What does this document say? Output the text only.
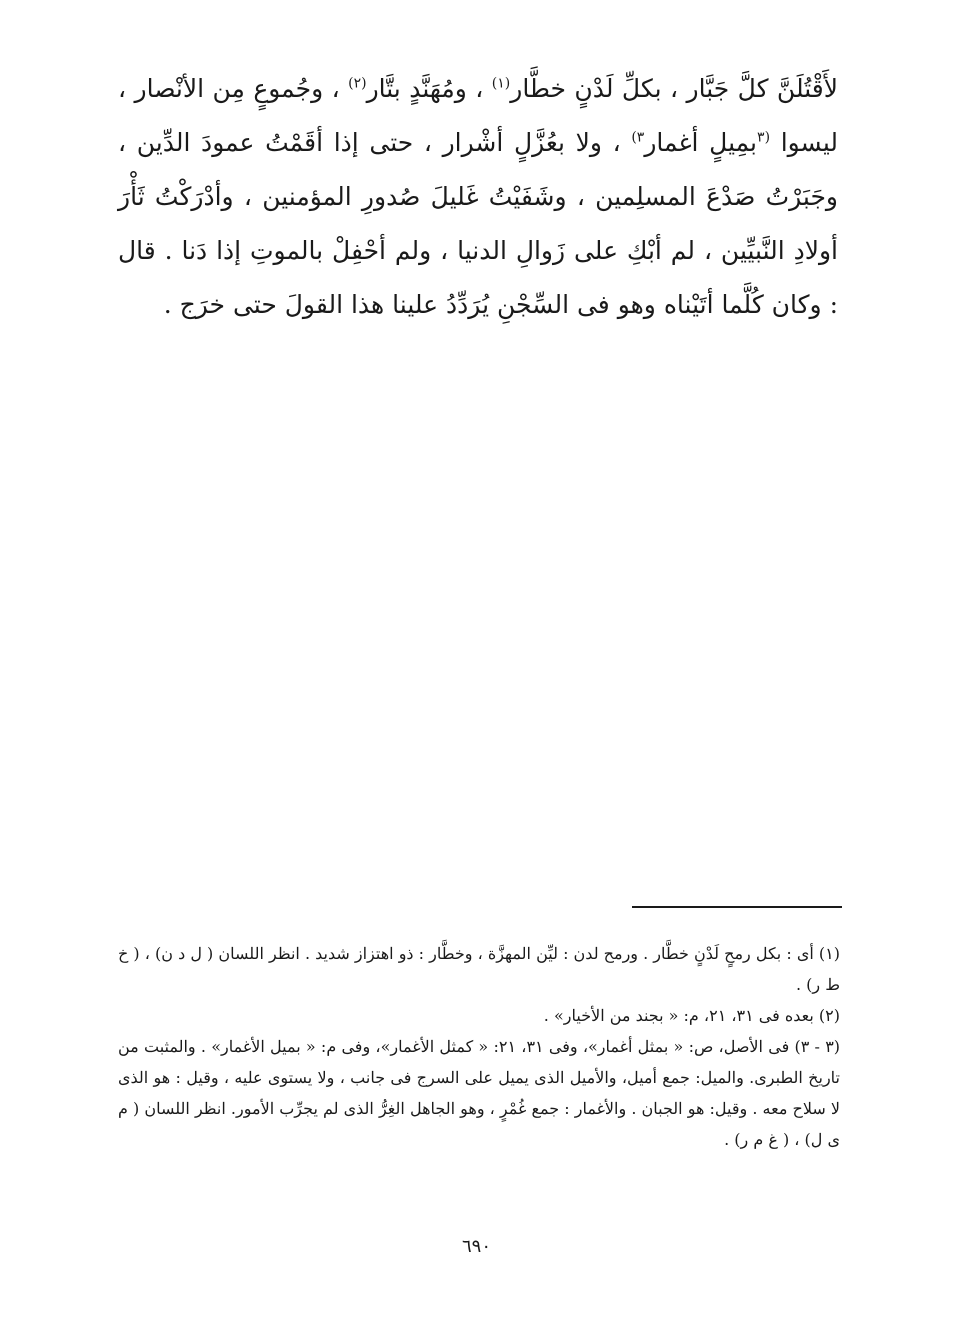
لأَقْتُلَنَّ كلَّ جَبَّار ، بكلِّ لَدْنٍ خطَّار$^{(١)}$ ، ومُهَنَّدٍ بتَّار$^{(٢)}$ ، وجُموعٍ مِن الأنْصار ، ليسوا $^{(٣}$بمِيلٍ أغمار$^{٣)}$ ، ولا بعُزَّلٍ أشْرار ، حتى إذا أقَمْتُ عمودَ الدِّين ، وجَبَرْتُ صَدْعَ المسلِمين ، وشَفَيْتُ غَليلَ صُدورِ المؤمنين ، وأدْرَكْتُ ثَأْرَ أولادِ النَّبيِّين ، لم أبْكِ على زَوالِ الدنيا ، ولم أحْفِلْ بالموتِ إذا دَنا . قال : وكان كُلَّما أتَيْناه وهو فى السِّجْنِ يُرَدِّدُ علينا هذا القولَ حتى خرَج .

(١) أى : بكل رمحٍ لَدْنٍ خطَّار . ورمح لدن : ليِّن المهزَّة ، وخطَّار : ذو اهتزاز شديد . انظر اللسان ( ل د ن) ، ( خ ط ر) .

(٢) بعده فى ٣١، ٢١، م: « بجند من الأخيار» .

(٣ - ٣) فى الأصل، ص: « بمثل أغمار»، وفى ٣١، ٢١: « كمثل الأغمار»، وفى م: « بميل الأغمار» . والمثبت من تاريخ الطبرى. والميل: جمع أميل، والأميل الذى يميل على السرج فى جانب ، ولا يستوى عليه ، وقيل : هو الذى لا سلاح معه . وقيل: هو الجبان . والأغمار : جمع غُمْرٍ ، وهو الجاهل الغِرُّ الذى لم يجرِّب الأمور. انظر اللسان ( م ى ل) ، ( غ م ر) .

٦٩٠
